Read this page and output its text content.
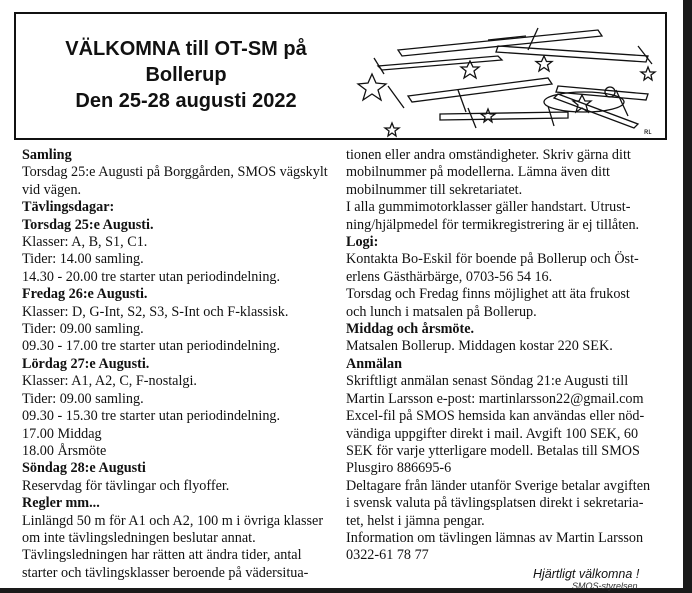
VÄLKOMNA till OT-SM på
Bollerup
Den 25-28 augusti 2022
ʀʟ
Samling
Torsdag 25:e Augusti på Borggården, SMOS vägskylt
vid vägen.
Tävlingsdagar:
Torsdag 25:e Augusti.
Klasser: A, B, S1, C1.
Tider: 14.00 samling.
14.30 - 20.00 tre starter utan periodindelning.
Fredag 26:e Augusti.
Klasser: D, G-Int, S2, S3, S-Int och F-klassisk.
Tider: 09.00 samling.
09.30 - 17.00 tre starter utan periodindelning.
Lördag 27:e Augusti.
Klasser: A1, A2, C, F-nostalgi.
Tider: 09.00 samling.
09.30 - 15.30 tre starter utan periodindelning.
17.00 Middag
18.00 Årsmöte
Söndag 28:e Augusti
Reservdag för tävlingar och flyoffer.
Regler mm...
Linlängd 50 m för A1 och A2, 100 m i övriga klasser
om inte tävlingsledningen beslutar annat.
Tävlingsledningen har rätten att ändra tider, antal
starter och tävlingsklasser beroende på vädersitua-
tionen eller andra omständigheter. Skriv gärna ditt
mobilnummer på modellerna. Lämna även ditt
mobilnummer till sekretariatet.
I alla gummimotorklasser gäller handstart. Utrust-
ning/hjälpmedel för termikregistrering är ej tillåten.
Logi:
Kontakta Bo-Eskil för boende på Bollerup och Öst-
erlens Gästhärbärge, 0703-56 54 16.
Torsdag och Fredag finns möjlighet att äta frukost
och lunch i matsalen på Bollerup.
Middag och årsmöte.
Matsalen Bollerup. Middagen kostar 220 SEK.
Anmälan
Skriftligt anmälan senast Söndag 21:e Augusti till
Martin Larsson e-post: martinlarsson22@gmail.com
Excel-fil på SMOS hemsida kan användas eller nöd-
vändiga uppgifter direkt i mail. Avgift 100 SEK, 60
SEK för varje ytterligare modell. Betalas till SMOS
Plusgiro 886695-6
Deltagare från länder utanför Sverige betalar avgiften
i svensk valuta på tävlingsplatsen direkt i sekretaria-
tet, helst i jämna pengar.
Information om tävlingen lämnas av Martin Larsson
0322-61 78 77
Hjärtligt välkomna !
SMOS-styrelsen
